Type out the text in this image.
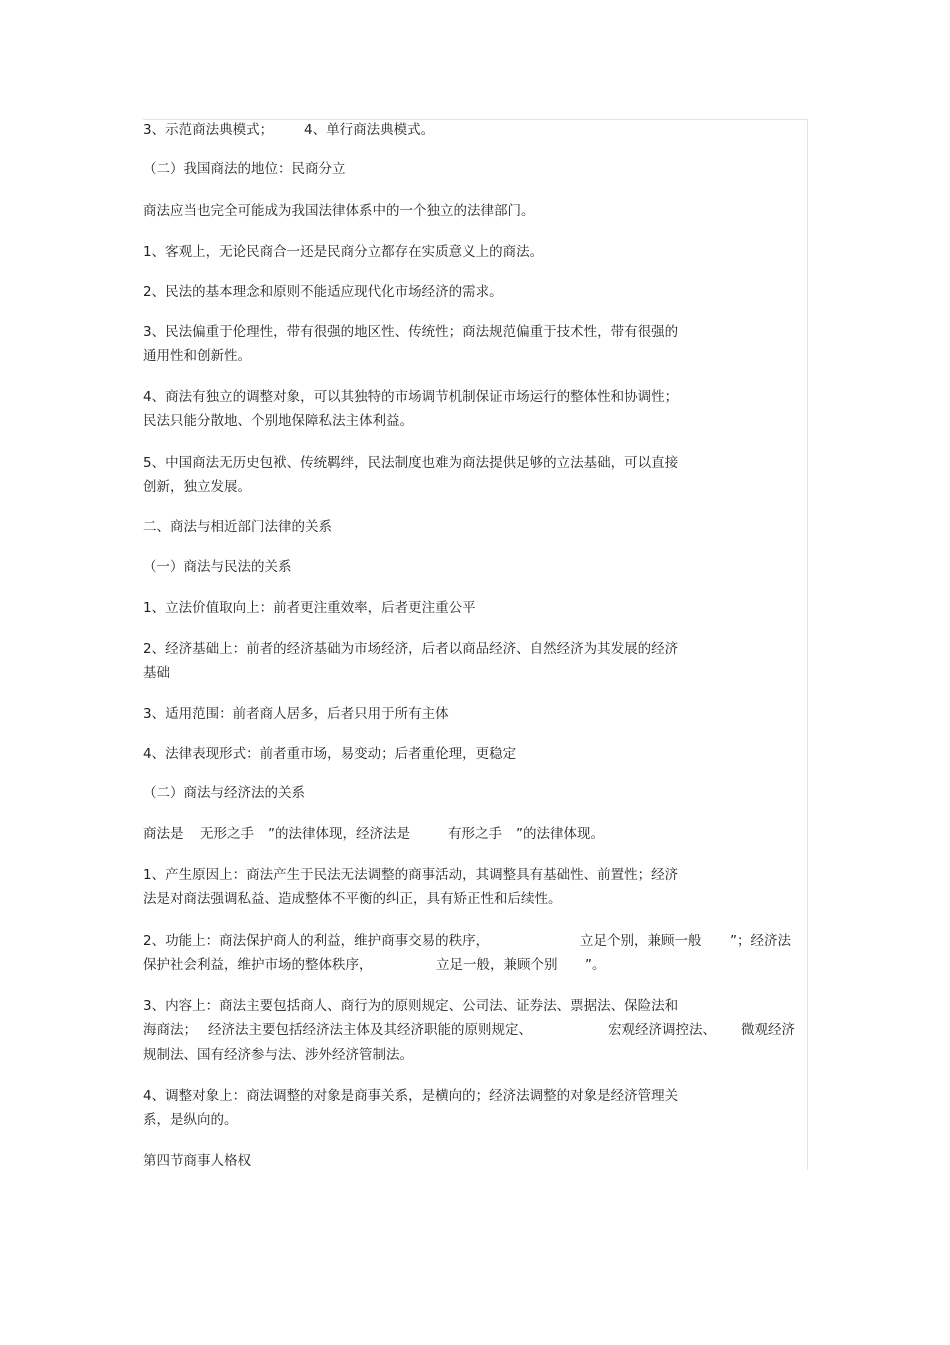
3、示范商法典模式； 4、单行商法典模式。
（二）我国商法的地位：民商分立
商法应当也完全可能成为我国法律体系中的一个独立的法律部门。
1、客观上，无论民商合一还是民商分立都存在实质意义上的商法。
2、民法的基本理念和原则不能适应现代化市场经济的需求。
3、民法偏重于伦理性，带有很强的地区性、传统性；商法规范偏重于技术性，带有很强的
通用性和创新性。
4、商法有独立的调整对象，可以其独特的市场调节机制保证市场运行的整体性和协调性；
民法只能分散地、个别地保障私法主体利益。
5、中国商法无历史包袱、传统羁绊，民法制度也难为商法提供足够的立法基础，可以直接
创新，独立发展。
二、商法与相近部门法律的关系
（一）商法与民法的关系
1、立法价值取向上：前者更注重效率，后者更注重公平
2、经济基础上：前者的经济基础为市场经济，后者以商品经济、自然经济为其发展的经济
基础
3、适用范围：前者商人居多，后者只用于所有主体
4、法律表现形式：前者重市场，易变动；后者重伦理，更稳定
（二）商法与经济法的关系
商法是 无形之手 ”的法律体现，经济法是	有形之手 ”的法律体现。
1、产生原因上：商法产生于民法无法调整的商事活动，其调整具有基础性、前置性；经济
法是对商法强调私益、造成整体不平衡的纠正，具有矫正性和后续性。
2、功能上：商法保护商人的利益，维护商事交易的秩序，	立足个别，兼顾一般 ”；经济法
保护社会利益，维护市场的整体秩序，	立足一般，兼顾个别 ”。
3、内容上：商法主要包括商人、商行为的原则规定、公司法、证券法、票据法、保险法和
海商法； 经济法主要包括经济法主体及其经济职能的原则规定、	宏观经济调控法、 微观经济
规制法、国有经济参与法、涉外经济管制法。
4、调整对象上：商法调整的对象是商事关系，是横向的；经济法调整的对象是经济管理关
系，是纵向的。
第四节商事人格权
